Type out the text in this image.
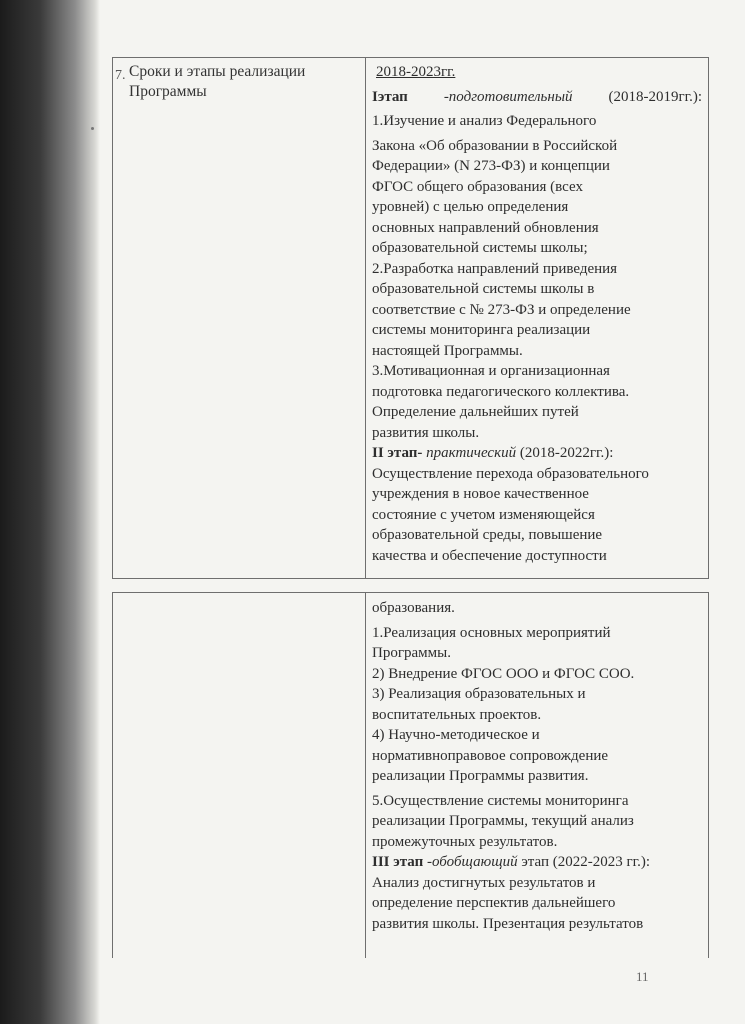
7. Сроки и этапы реализации

Программы

2018-2023гг.

Iэтап -подготовительный (2018-2019гг.):

1.Изучение и анализ Федерального

Закона «Об образовании в Российской

Федерации» (N 273-ФЗ) и концепции

ФГОС общего образования (всех

уровней) с целью определения

основных направлений обновления

образовательной системы школы;

2.Разработка направлений приведения

образовательной системы школы в

соответствие с № 273-ФЗ и определение

системы мониторинга реализации

настоящей Программы.

3.Мотивационная и организационная

подготовка педагогического коллектива.

Определение дальнейших путей

развития школы.

II этап- практический (2018-2022гг.):

Осуществление перехода образовательного

учреждения в новое качественное

состояние с учетом изменяющейся

образовательной среды, повышение

качества и обеспечение доступности

образования.

1.Реализация основных мероприятий

Программы.

2) Внедрение ФГОС ООО и ФГОС СОО.

3) Реализация образовательных и

воспитательных проектов.

4) Научно-методическое и

нормативноправовое сопровождение

реализации Программы развития.

5.Осуществление системы мониторинга

реализации Программы, текущий анализ

промежуточных результатов.

III этап -обобщающий этап (2022-2023 гг.):

Анализ достигнутых результатов и

определение перспектив дальнейшего

развития школы. Презентация результатов

11
